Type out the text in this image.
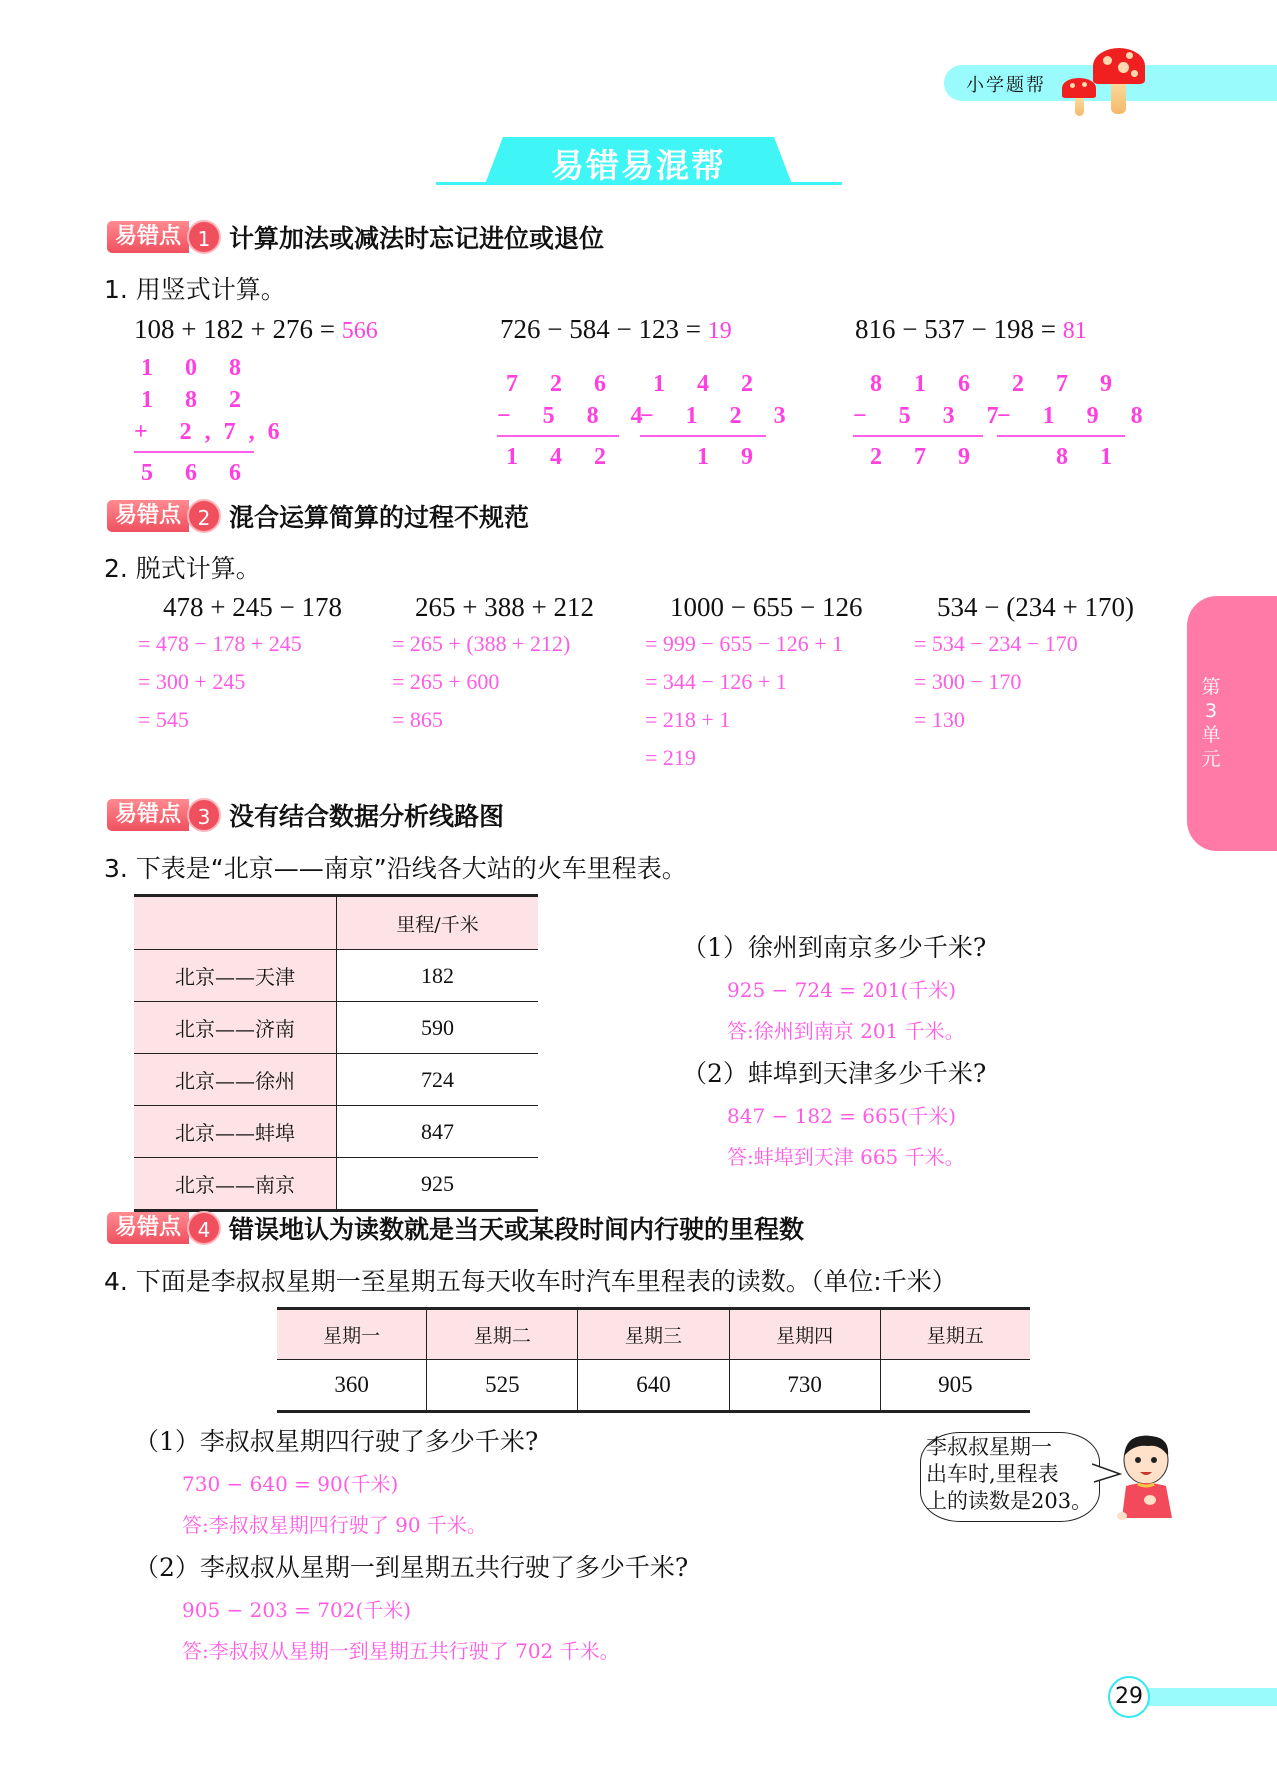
小学题帮
易错易混帮
第
3
单
元
易错点 1 计算加法或减法时忘记进位或退位
1. 用竖式计算。
108 + 182 + 276 = 566	726 − 584 − 123 = 19	816 − 537 − 198 = 81
1 0 8
1 8 2
+ 2,7,6
5 6 6
7 2 6
− 5 8 4
1 4 2
1 4 2
− 1 2 3
1 9
8 1 6
− 5 3 7
2 7 9
2 7 9
− 1 9 8
8 1
易错点 2 混合运算简算的过程不规范
2. 脱式计算。
478 + 245 − 178
= 478 − 178 + 245
= 300 + 245
= 545
265 + 388 + 212
= 265 + (388 + 212)
= 265 + 600
= 865
1000 − 655 − 126
= 999 − 655 − 126 + 1
= 344 − 126 + 1
= 218 + 1
= 219
534 − (234 + 170)
= 534 − 234 − 170
= 300 − 170
= 130
易错点 3 没有结合数据分析线路图
3. 下表是“北京——南京”沿线各大站的火车里程表。
	里程/千米
北京——天津	182
北京——济南	590
北京——徐州	724
北京——蚌埠	847
北京——南京	925
（1）徐州到南京多少千米?
925 − 724 = 201(千米)
答:徐州到南京 201 千米。
（2）蚌埠到天津多少千米?
847 − 182 = 665(千米)
答:蚌埠到天津 665 千米。
易错点 4 错误地认为读数就是当天或某段时间内行驶的里程数
4. 下面是李叔叔星期一至星期五每天收车时汽车里程表的读数。（单位:千米）
星期一	星期二	星期三	星期四	星期五
360	525	640	730	905
（1）李叔叔星期四行驶了多少千米?
730 − 640 = 90(千米)
答:李叔叔星期四行驶了 90 千米。
（2）李叔叔从星期一到星期五共行驶了多少千米?
905 − 203 = 702(千米)
答:李叔叔从星期一到星期五共行驶了 702 千米。
李叔叔星期一
出车时,里程表
上的读数是203。
29
